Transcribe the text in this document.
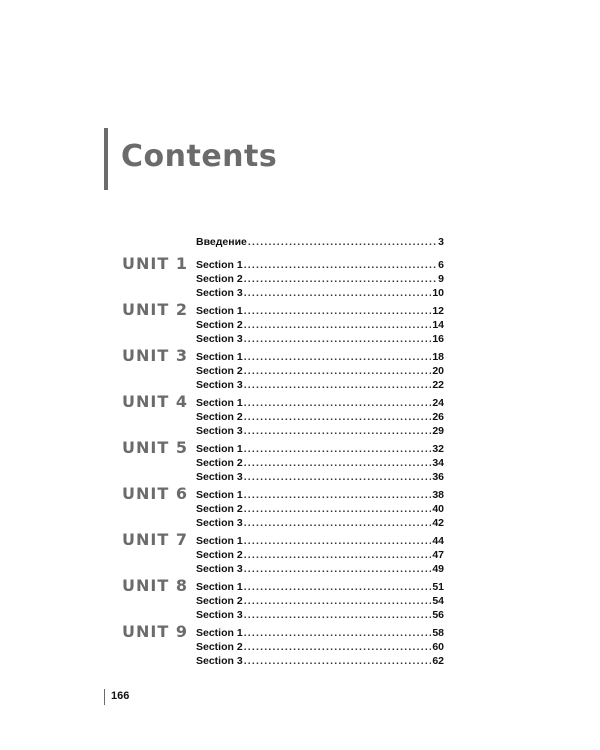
Contents
Введение .....	3
UNIT 1 Section 1 .....	6
Section 2 .....	9
Section 3 .....	10
UNIT 2 Section 1 .....	12
Section 2 .....	14
Section 3 .....	16
UNIT 3 Section 1 .....	18
Section 2 .....	20
Section 3 .....	22
UNIT 4 Section 1 .....	24
Section 2 .....	26
Section 3 .....	29
UNIT 5 Section 1 .....	32
Section 2 .....	34
Section 3 .....	36
UNIT 6 Section 1 .....	38
Section 2 .....	40
Section 3 .....	42
UNIT 7 Section 1 .....	44
Section 2 .....	47
Section 3 .....	49
UNIT 8 Section 1 .....	51
Section 2 .....	54
Section 3 .....	56
UNIT 9 Section 1 .....	58
Section 2 .....	60
Section 3 .....	62
166
